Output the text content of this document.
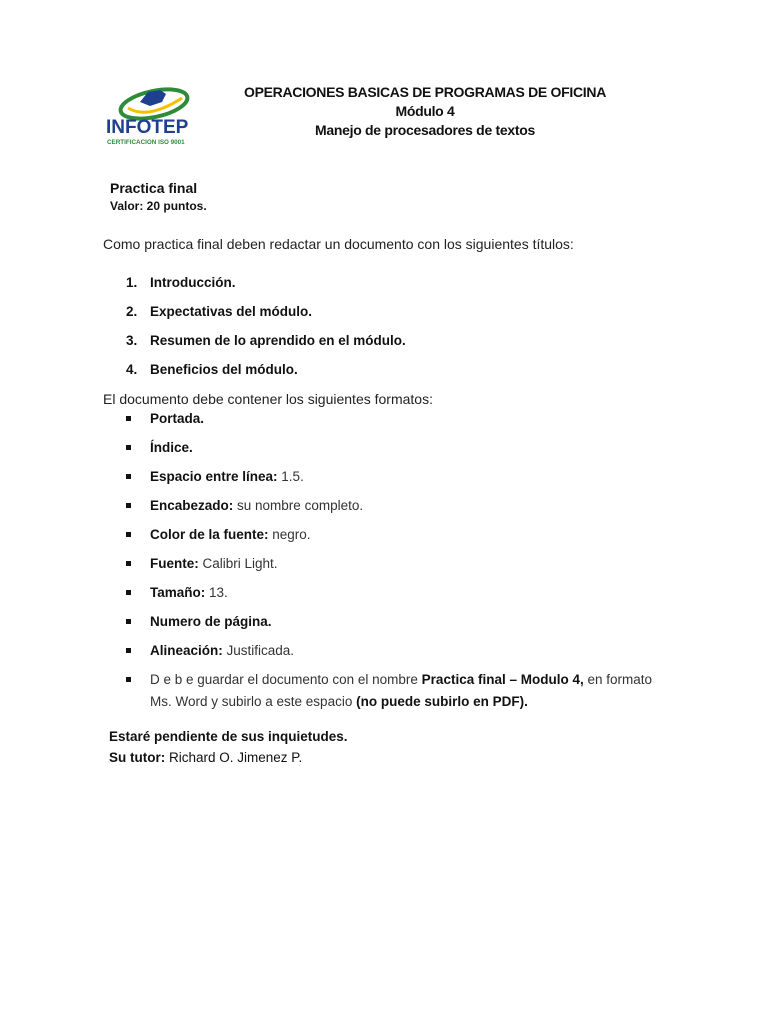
INFOTEP
CERTIFICACION ISO 9001
OPERACIONES BASICAS DE PROGRAMAS DE OFICINA
Módulo 4
Manejo de procesadores de textos
Practica final
Valor: 20 puntos.
Como practica final deben redactar un documento con los siguientes títulos:
1. Introducción.
2. Expectativas del módulo.
3. Resumen de lo aprendido en el módulo.
4. Beneficios del módulo.
El documento debe contener los siguientes formatos:
Portada.
Índice.
Espacio entre línea: 1.5.
Encabezado: su nombre completo.
Color de la fuente: negro.
Fuente: Calibri Light.
Tamaño: 13.
Numero de página.
Alineación: Justificada.
D e b e guardar el documento con el nombre Practica final – Modulo 4, en formato Ms. Word y subirlo a este espacio (no puede subirlo en PDF).
Estaré pendiente de sus inquietudes.
Su tutor: Richard O. Jimenez P.
